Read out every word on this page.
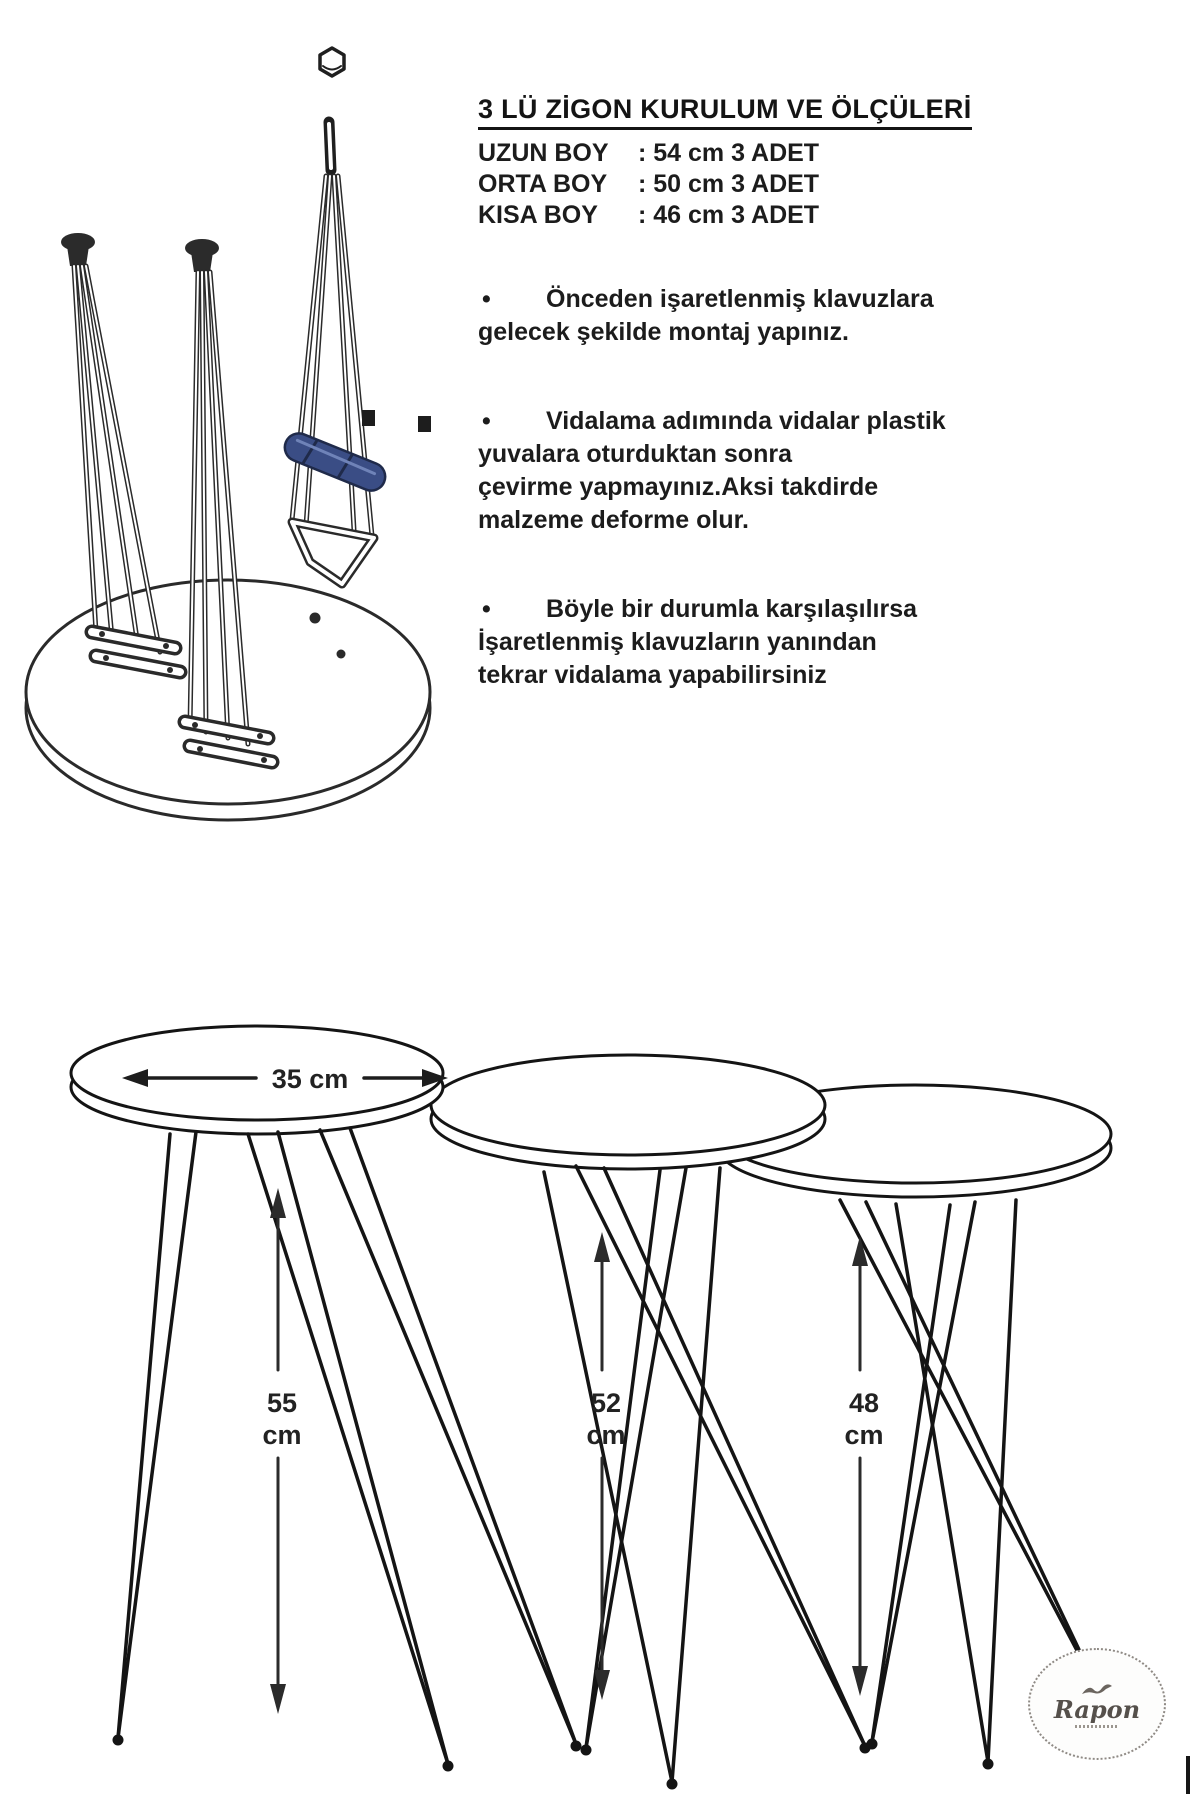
3 LÜ ZİGON KURULUM VE ÖLÇÜLERİ
UZUN BOY	: 54 cm 3 ADET
ORTA BOY	: 50 cm 3 ADET
KISA BOY	: 46 cm 3 ADET
• Önceden işaretlenmiş klavuzlara
gelecek şekilde montaj yapınız.
• Vidalama adımında vidalar plastik
yuvalara oturduktan sonra
çevirme yapmayınız.Aksi takdirde
malzeme deforme olur.
• Böyle bir durumla karşılaşılırsa
İşaretlenmiş klavuzların yanından
tekrar vidalama yapabilirsiniz
35 cm
55
cm
52
cm
48
cm
Rapon
